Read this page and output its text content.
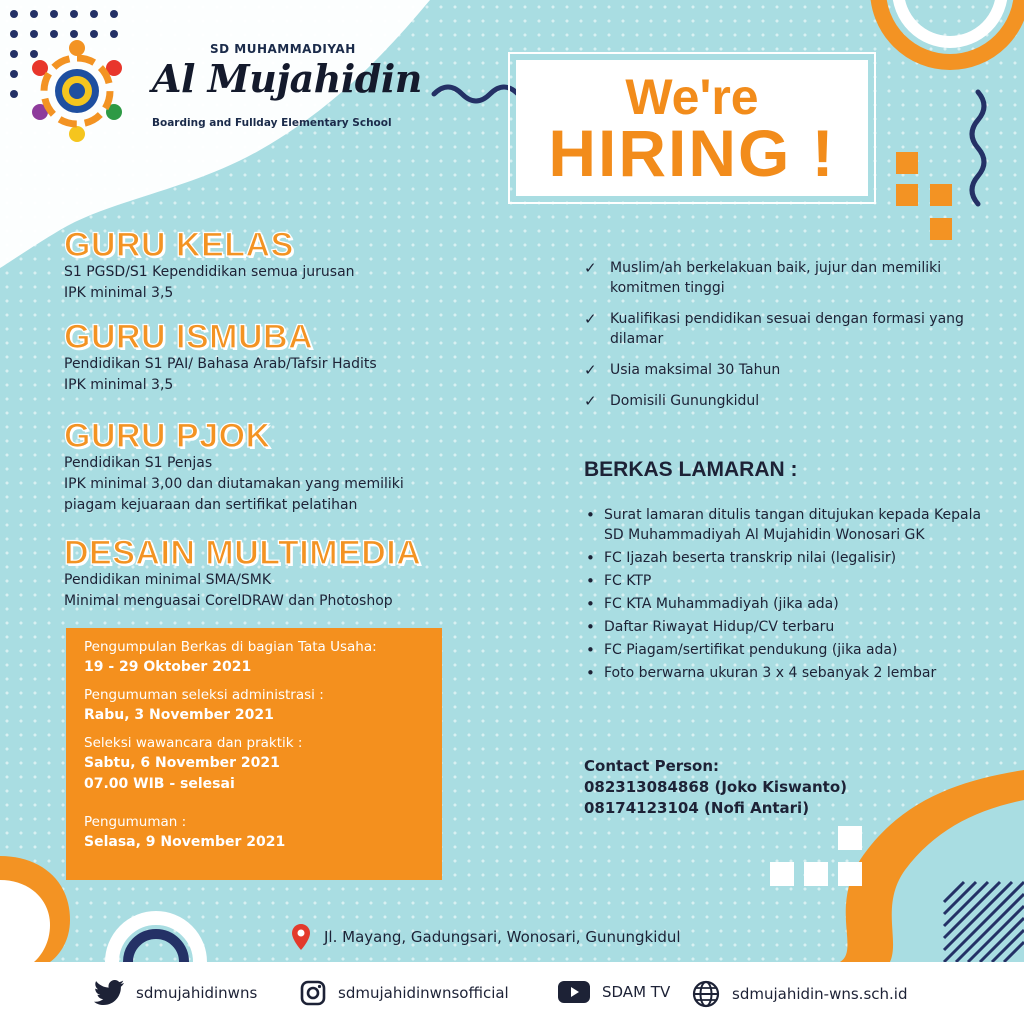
SD MUHAMMADIYAH
Al Mujahidin
Boarding and Fullday Elementary School	We're
HIRING !
GURU KELAS
S1 PGSD/S1 Kependidikan semua jurusan
IPK minimal 3,5
GURU ISMUBA
Pendidikan S1 PAI/ Bahasa Arab/Tafsir Hadits
IPK minimal 3,5
GURU PJOK
Pendidikan S1 Penjas
IPK minimal 3,00 dan diutamakan yang memiliki
piagam kejuaraan dan sertifikat pelatihan
DESAIN MULTIMEDIA
Pendidikan minimal SMA/SMK
Minimal menguasai CorelDRAW dan Photoshop
Pengumpulan Berkas di bagian Tata Usaha:
19 - 29 Oktober 2021
Pengumuman seleksi administrasi :
Rabu, 3 November 2021
Seleksi wawancara dan praktik :
Sabtu, 6 November 2021
07.00 WIB - selesai
Pengumuman :
Selasa, 9 November 2021
✓ Muslim/ah berkelakuan baik, jujur dan memiliki komitmen tinggi
✓ Kualifikasi pendidikan sesuai dengan formasi yang dilamar
✓ Usia maksimal 30 Tahun
✓ Domisili Gunungkidul
BERKAS LAMARAN :
• Surat lamaran ditulis tangan ditujukan kepada Kepala SD Muhammadiyah Al Mujahidin Wonosari GK
• FC Ijazah beserta transkrip nilai (legalisir)
• FC KTP
• FC KTA Muhammadiyah (jika ada)
• Daftar Riwayat Hidup/CV terbaru
• FC Piagam/sertifikat pendukung (jika ada)
• Foto berwarna ukuran 3 x 4 sebanyak 2 lembar
Contact Person:
082313084868 (Joko Kiswanto)
08174123104 (Nofi Antari)
Jl. Mayang, Gadungsari, Wonosari, Gunungkidul
sdmujahidinwns	sdmujahidinwnsofficial	SDAM TV	sdmujahidin-wns.sch.id
